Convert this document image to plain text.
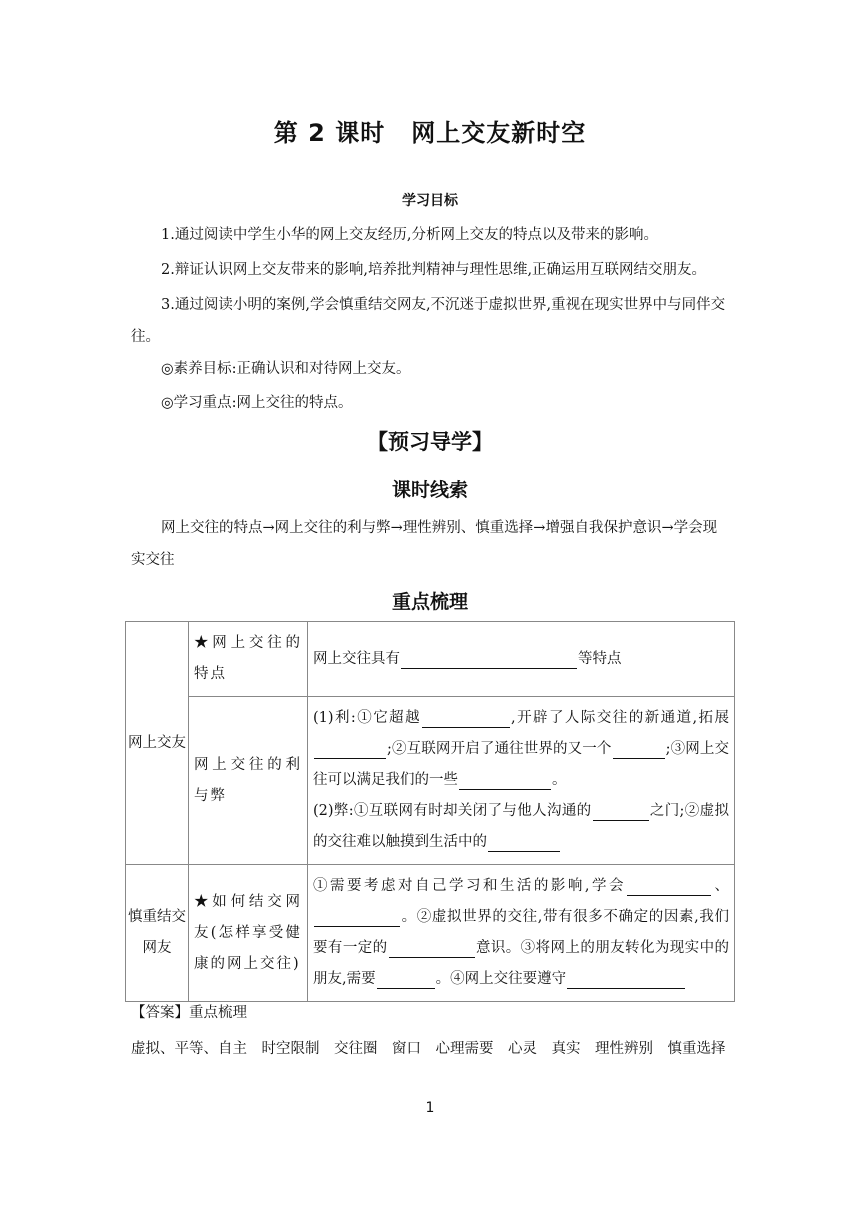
第 2 课时 网上交友新时空
学习目标
1.通过阅读中学生小华的网上交友经历,分析网上交友的特点以及带来的影响。
2.辩证认识网上交友带来的影响,培养批判精神与理性思维,正确运用互联网结交朋友。
3.通过阅读小明的案例,学会慎重结交网友,不沉迷于虚拟世界,重视在现实世界中与同伴交往。
◎素养目标:正确认识和对待网上交友。
◎学习重点:网上交往的特点。
【预习导学】
课时线索
网上交往的特点→网上交往的利与弊→理性辨别、慎重选择→增强自我保护意识→学会现实交往
重点梳理
网上交友	★网上交往的特点	网上交往具有 等特点
	网上交往的利与弊	(1)利:①它超越 ,开辟了人际交往的新通道,拓展;②互联网开启了通往世界的又一个 ;③网上交往可以满足我们的一些 。
(2)弊:①互联网有时却关闭了与他人沟通的 之门;②虚拟的交往难以触摸到生活中的
慎重结交网友	★如何结交网友(怎样享受健康的网上交往)	①需要考虑对自己学习和生活的影响,学会 、。②虚拟世界的交往,带有很多不确定的因素,我们要有一定的 意识。③将网上的朋友转化为现实中的朋友,需要 。④网上交往要遵守
【答案】重点梳理
虚拟、平等、自主　时空限制　交往圈　窗口　心理需要　心灵　真实　理性辨别　慎重选择
1
